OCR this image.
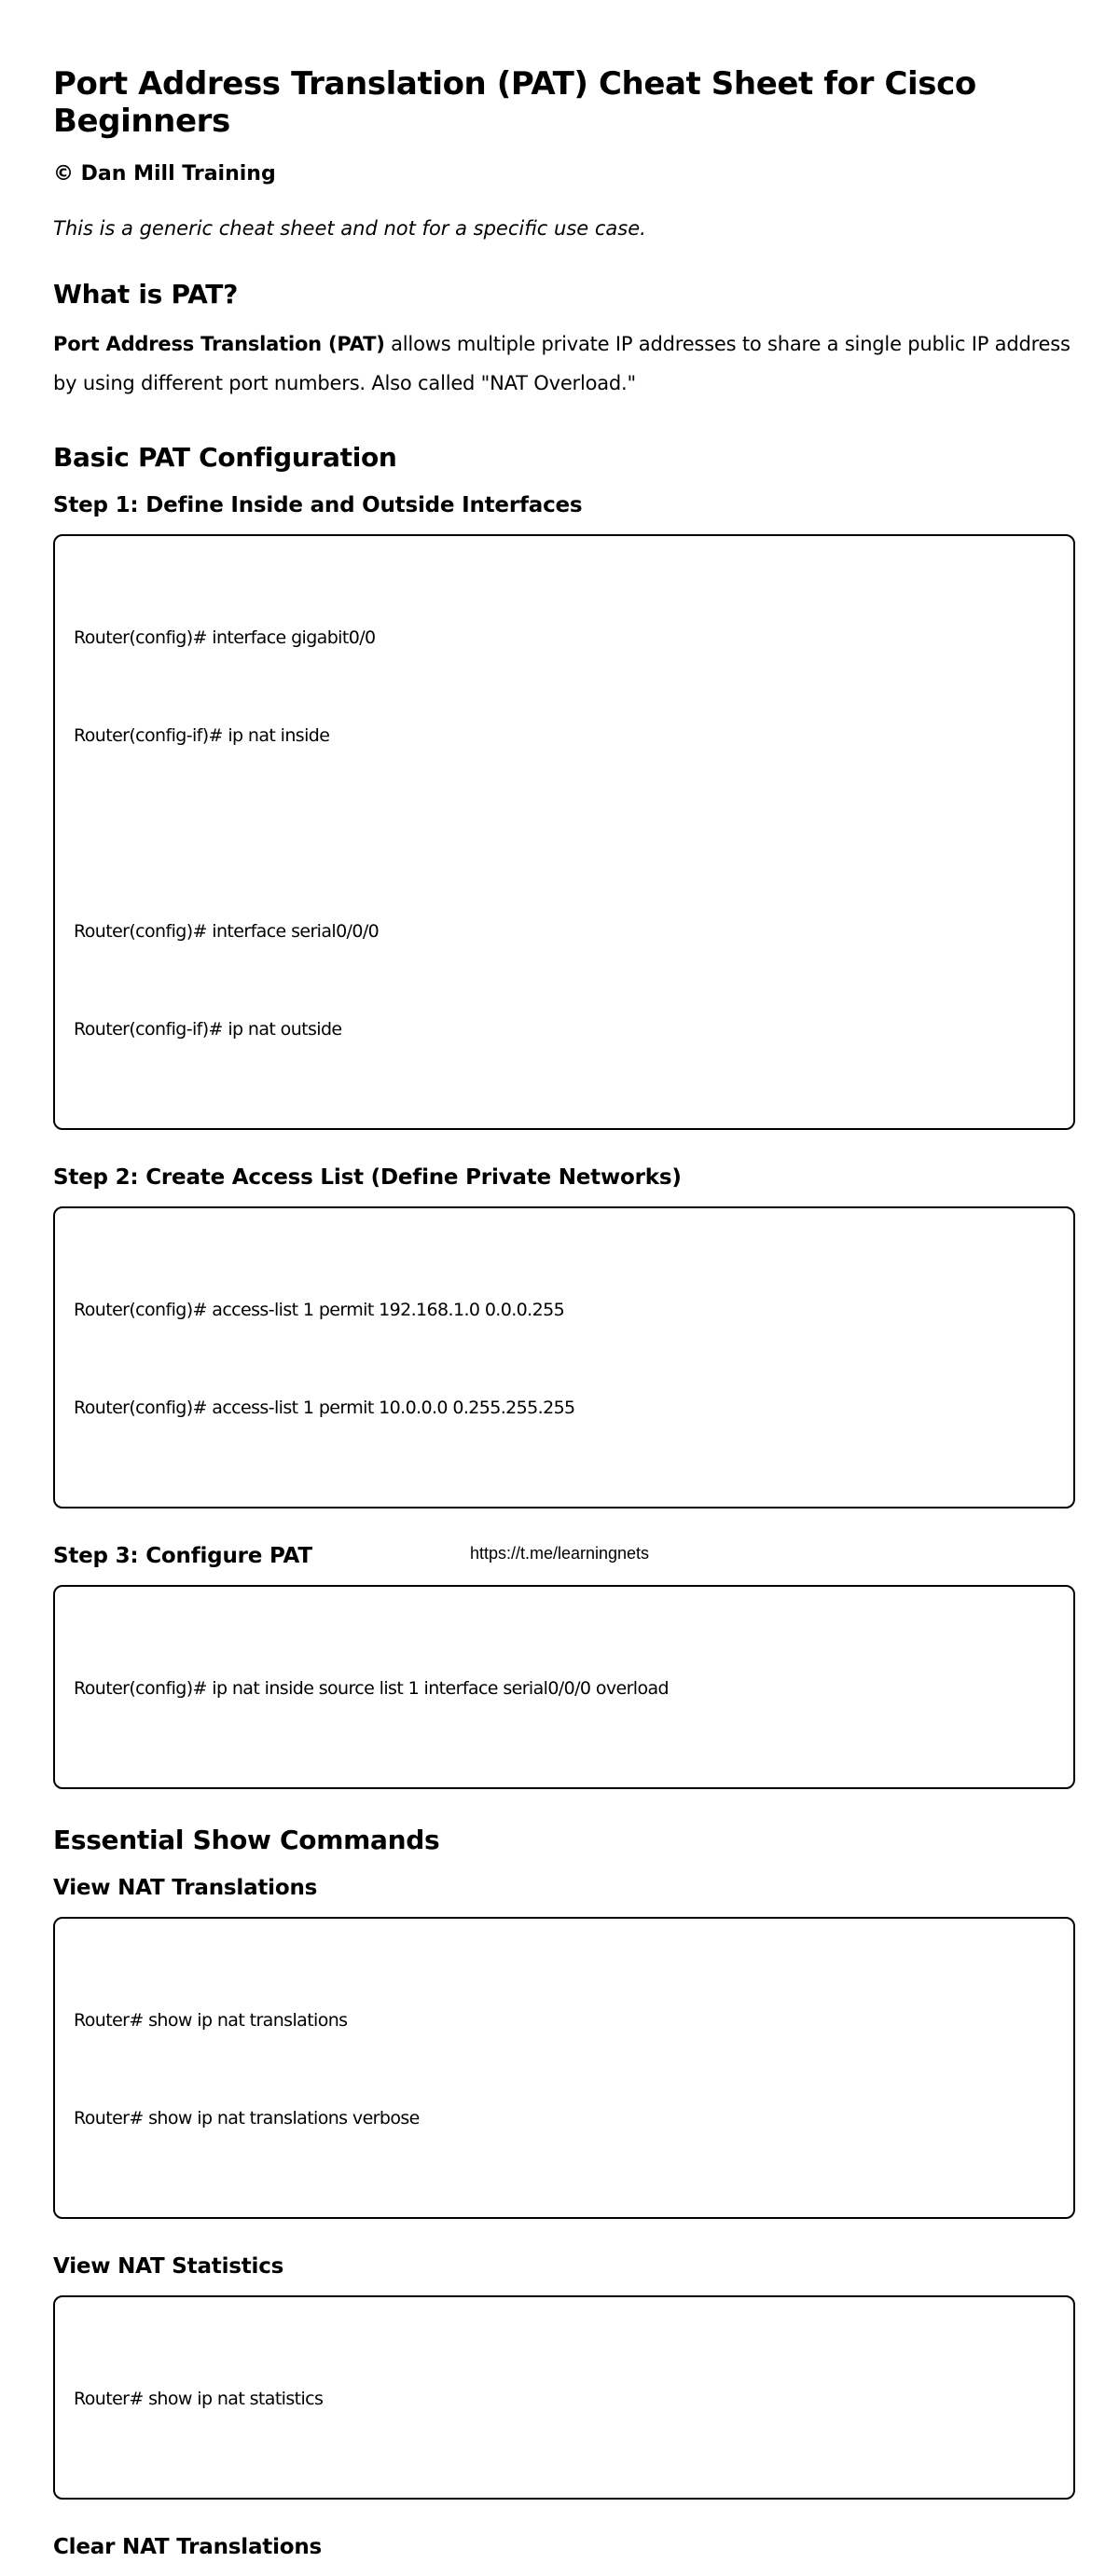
Port Address Translation (PAT) Cheat Sheet for Cisco Beginners
© Dan Mill Training
This is a generic cheat sheet and not for a specific use case.
What is PAT?

Port Address Translation (PAT) allows multiple private IP addresses to share a single public IP address by using different port numbers. Also called "NAT Overload."

Basic PAT Configuration
Step 1: Define Inside and Outside Interfaces

Router(config)# interface gigabit0/0

Router(config-if)# ip nat inside

Router(config)# interface serial0/0/0

Router(config-if)# ip nat outside

Step 2: Create Access List (Define Private Networks)

Router(config)# access-list 1 permit 192.168.1.0 0.0.0.255

Router(config)# access-list 1 permit 10.0.0.0 0.255.255.255

Step 3: Configure PAT

Router(config)# ip nat inside source list 1 interface serial0/0/0 overload

Essential Show Commands
View NAT Translations

Router# show ip nat translations

Router# show ip nat translations verbose

View NAT Statistics

Router# show ip nat statistics

Clear NAT Translations
https://t.me/learningnets
